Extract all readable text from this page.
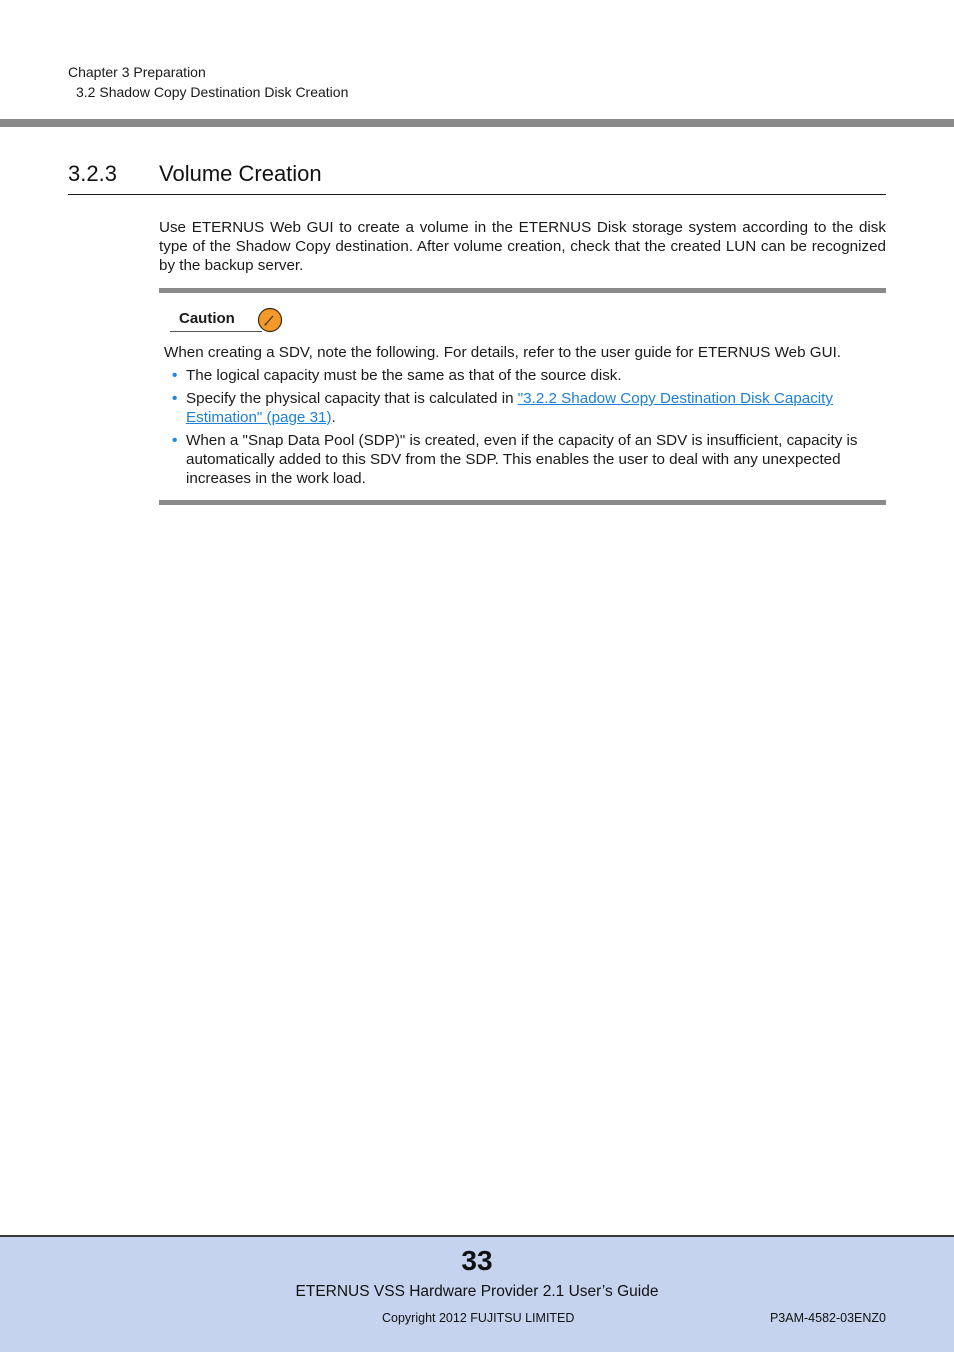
Chapter 3 Preparation
3.2 Shadow Copy Destination Disk Creation
3.2.3 Volume Creation
Use ETERNUS Web GUI to create a volume in the ETERNUS Disk storage system according to the disk type of the Shadow Copy destination. After volume creation, check that the created LUN can be recognized by the backup server.
Caution
When creating a SDV, note the following. For details, refer to the user guide for ETERNUS Web GUI.
• The logical capacity must be the same as that of the source disk.
• Specify the physical capacity that is calculated in "3.2.2 Shadow Copy Destination Disk Capacity Estimation" (page 31).
• When a "Snap Data Pool (SDP)" is created, even if the capacity of an SDV is insufficient, capacity is automatically added to this SDV from the SDP. This enables the user to deal with any unexpected increases in the work load.
33
ETERNUS VSS Hardware Provider 2.1 User’s Guide
Copyright 2012 FUJITSU LIMITED	P3AM-4582-03ENZ0
